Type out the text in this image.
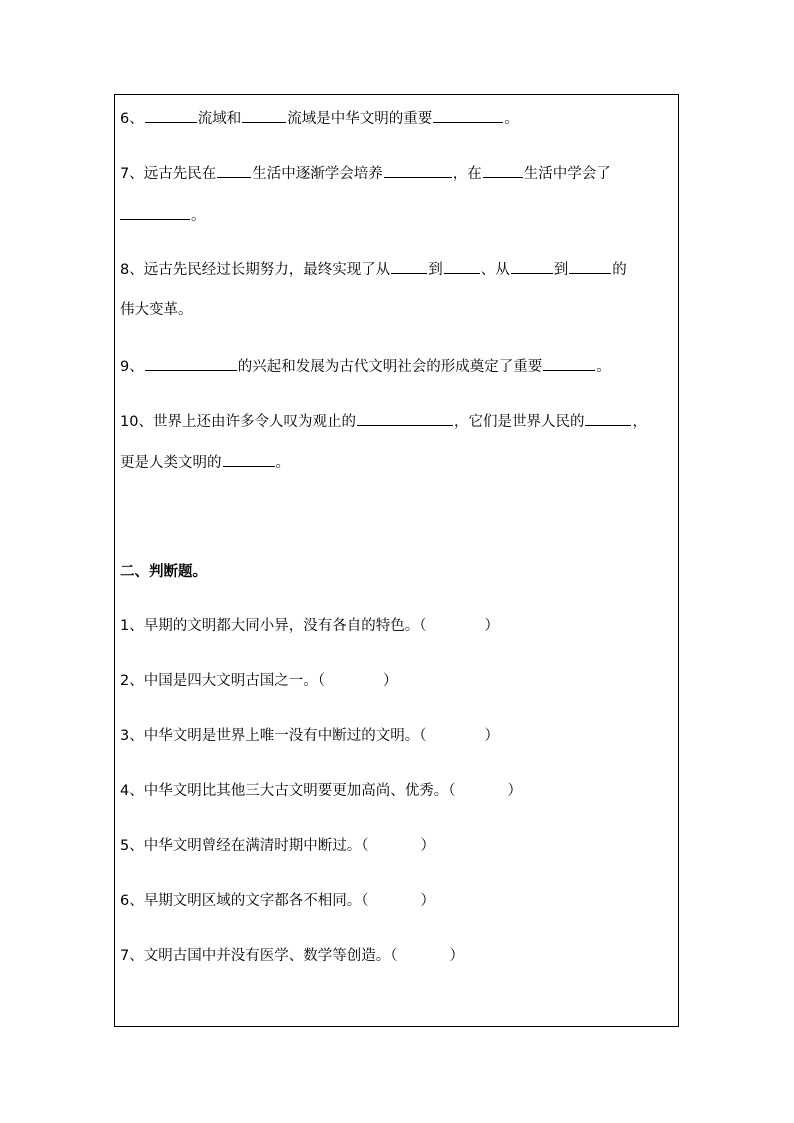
6、	流域和	流域是中华文明的重要	。
7、远古先民在 生活中逐渐学会培养	，在	生活中学会了
。
8、远古先民经过长期努力，最终实现了从	到	、从	到	的
伟大变革。
9、	的兴起和发展为古代文明社会的形成奠定了重要	。
10、世界上还由许多令人叹为观止的	，它们是世界人民的	，
更是人类文明的	。
二、判断题。
1、早期的文明都大同小异，没有各自的特色。（	）
2、中国是四大文明古国之一。（	）
3、中华文明是世界上唯一没有中断过的文明。（	）
4、中华文明比其他三大古文明要更加高尚、优秀。（	）
5、中华文明曾经在满清时期中断过。（	）
6、早期文明区域的文字都各不相同。（	）
7、文明古国中并没有医学、数学等创造。（	）
